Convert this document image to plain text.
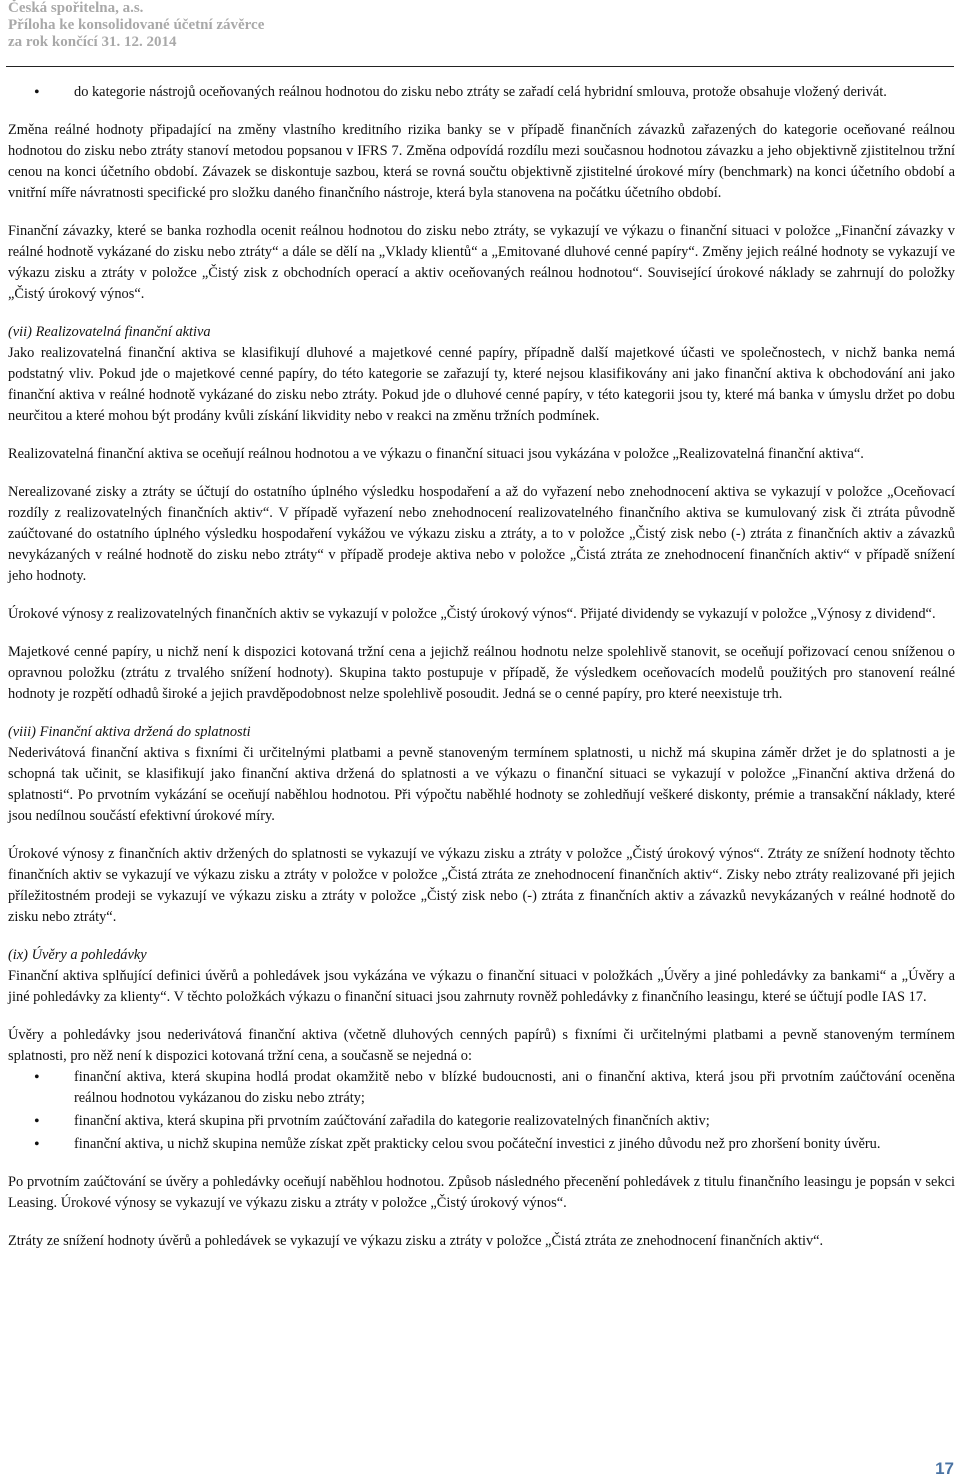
Česká spořitelna, a.s.
Příloha ke konsolidované účetní závěrce
za rok končící 31. 12. 2014
• do kategorie nástrojů oceňovaných reálnou hodnotou do zisku nebo ztráty se zařadí celá hybridní smlouva, protože obsahuje vložený derivát.

Změna reálné hodnoty připadající na změny vlastního kreditního rizika banky se v případě finančních závazků zařazených do kategorie oceňované reálnou hodnotou do zisku nebo ztráty stanoví metodou popsanou v IFRS 7. Změna odpovídá rozdílu mezi současnou hodnotou závazku a jeho objektivně zjistitelnou tržní cenou na konci účetního období. Závazek se diskontuje sazbou, která se rovná součtu objektivně zjistitelné úrokové míry (benchmark) na konci účetního období a vnitřní míře návratnosti specifické pro složku daného finančního nástroje, která byla stanovena na počátku účetního období.

Finanční závazky, které se banka rozhodla ocenit reálnou hodnotou do zisku nebo ztráty, se vykazují ve výkazu o finanční situaci v položce „Finanční závazky v reálné hodnotě vykázané do zisku nebo ztráty“ a dále se dělí na „Vklady klientů“ a „Emitované dluhové cenné papíry“. Změny jejich reálné hodnoty se vykazují ve výkazu zisku a ztráty v položce „Čistý zisk z obchodních operací a aktiv oceňovaných reálnou hodnotou“. Související úrokové náklady se zahrnují do položky „Čistý úrokový výnos“.

(vii) Realizovatelná finanční aktiva

Jako realizovatelná finanční aktiva se klasifikují dluhové a majetkové cenné papíry, případně další majetkové účasti ve společnostech, v nichž banka nemá podstatný vliv. Pokud jde o majetkové cenné papíry, do této kategorie se zařazují ty, které nejsou klasifikovány ani jako finanční aktiva k obchodování ani jako finanční aktiva v reálné hodnotě vykázané do zisku nebo ztráty. Pokud jde o dluhové cenné papíry, v této kategorii jsou ty, které má banka v úmyslu držet po dobu neurčitou a které mohou být prodány kvůli získání likvidity nebo v reakci na změnu tržních podmínek.

Realizovatelná finanční aktiva se oceňují reálnou hodnotou a ve výkazu o finanční situaci jsou vykázána v položce „Realizovatelná finanční aktiva“.

Nerealizované zisky a ztráty se účtují do ostatního úplného výsledku hospodaření a až do vyřazení nebo znehodnocení aktiva se vykazují v položce „Oceňovací rozdíly z realizovatelných finančních aktiv“. V případě vyřazení nebo znehodnocení realizovatelného finančního aktiva se kumulovaný zisk či ztráta původně zaúčtované do ostatního úplného výsledku hospodaření vykážou ve výkazu zisku a ztráty, a to v položce „Čistý zisk nebo (-) ztráta z finančních aktiv a závazků nevykázaných v reálné hodnotě do zisku nebo ztráty“ v případě prodeje aktiva nebo v položce „Čistá ztráta ze znehodnocení finančních aktiv“ v případě snížení jeho hodnoty.

Úrokové výnosy z realizovatelných finančních aktiv se vykazují v položce „Čistý úrokový výnos“. Přijaté dividendy se vykazují v položce „Výnosy z dividend“.

Majetkové cenné papíry, u nichž není k dispozici kotovaná tržní cena a jejichž reálnou hodnotu nelze spolehlivě stanovit, se oceňují pořizovací cenou sníženou o opravnou položku (ztrátu z trvalého snížení hodnoty). Skupina takto postupuje v případě, že výsledkem oceňovacích modelů použitých pro stanovení reálné hodnoty je rozpětí odhadů široké a jejich pravděpodobnost nelze spolehlivě posoudit. Jedná se o cenné papíry, pro které neexistuje trh.

(viii) Finanční aktiva držená do splatnosti

Nederivátová finanční aktiva s fixními či určitelnými platbami a pevně stanoveným termínem splatnosti, u nichž má skupina záměr držet je do splatnosti a je schopná tak učinit, se klasifikují jako finanční aktiva držená do splatnosti a ve výkazu o finanční situaci se vykazují v položce „Finanční aktiva držená do splatnosti“. Po prvotním vykázání se oceňují naběhlou hodnotou. Při výpočtu naběhlé hodnoty se zohledňují veškeré diskonty, prémie a transakční náklady, které jsou nedílnou součástí efektivní úrokové míry.

Úrokové výnosy z finančních aktiv držených do splatnosti se vykazují ve výkazu zisku a ztráty v položce „Čistý úrokový výnos“. Ztráty ze snížení hodnoty těchto finančních aktiv se vykazují ve výkazu zisku a ztráty v položce v položce „Čistá ztráta ze znehodnocení finančních aktiv“. Zisky nebo ztráty realizované při jejich příležitostném prodeji se vykazují ve výkazu zisku a ztráty v položce „Čistý zisk nebo (-) ztráta z finančních aktiv a závazků nevykázaných v reálné hodnotě do zisku nebo ztráty“.

(ix) Úvěry a pohledávky

Finanční aktiva splňující definici úvěrů a pohledávek jsou vykázána ve výkazu o finanční situaci v položkách „Úvěry a jiné pohledávky za bankami“ a „Úvěry a jiné pohledávky za klienty“. V těchto položkách výkazu o finanční situaci jsou zahrnuty rovněž pohledávky z finančního leasingu, které se účtují podle IAS 17.

Úvěry a pohledávky jsou nederivátová finanční aktiva (včetně dluhových cenných papírů) s fixními či určitelnými platbami a pevně stanoveným termínem splatnosti, pro něž není k dispozici kotovaná tržní cena, a současně se nejedná o:

• finanční aktiva, která skupina hodlá prodat okamžitě nebo v blízké budoucnosti, ani o finanční aktiva, která jsou při prvotním zaúčtování oceněna reálnou hodnotou vykázanou do zisku nebo ztráty;
• finanční aktiva, která skupina při prvotním zaúčtování zařadila do kategorie realizovatelných finančních aktiv;
• finanční aktiva, u nichž skupina nemůže získat zpět prakticky celou svou počáteční investici z jiného důvodu než pro zhoršení bonity úvěru.

Po prvotním zaúčtování se úvěry a pohledávky oceňují naběhlou hodnotou. Způsob následného přecenění pohledávek z titulu finančního leasingu je popsán v sekci Leasing. Úrokové výnosy se vykazují ve výkazu zisku a ztráty v položce „Čistý úrokový výnos“.

Ztráty ze snížení hodnoty úvěrů a pohledávek se vykazují ve výkazu zisku a ztráty v položce „Čistá ztráta ze znehodnocení finančních aktiv“.

17
